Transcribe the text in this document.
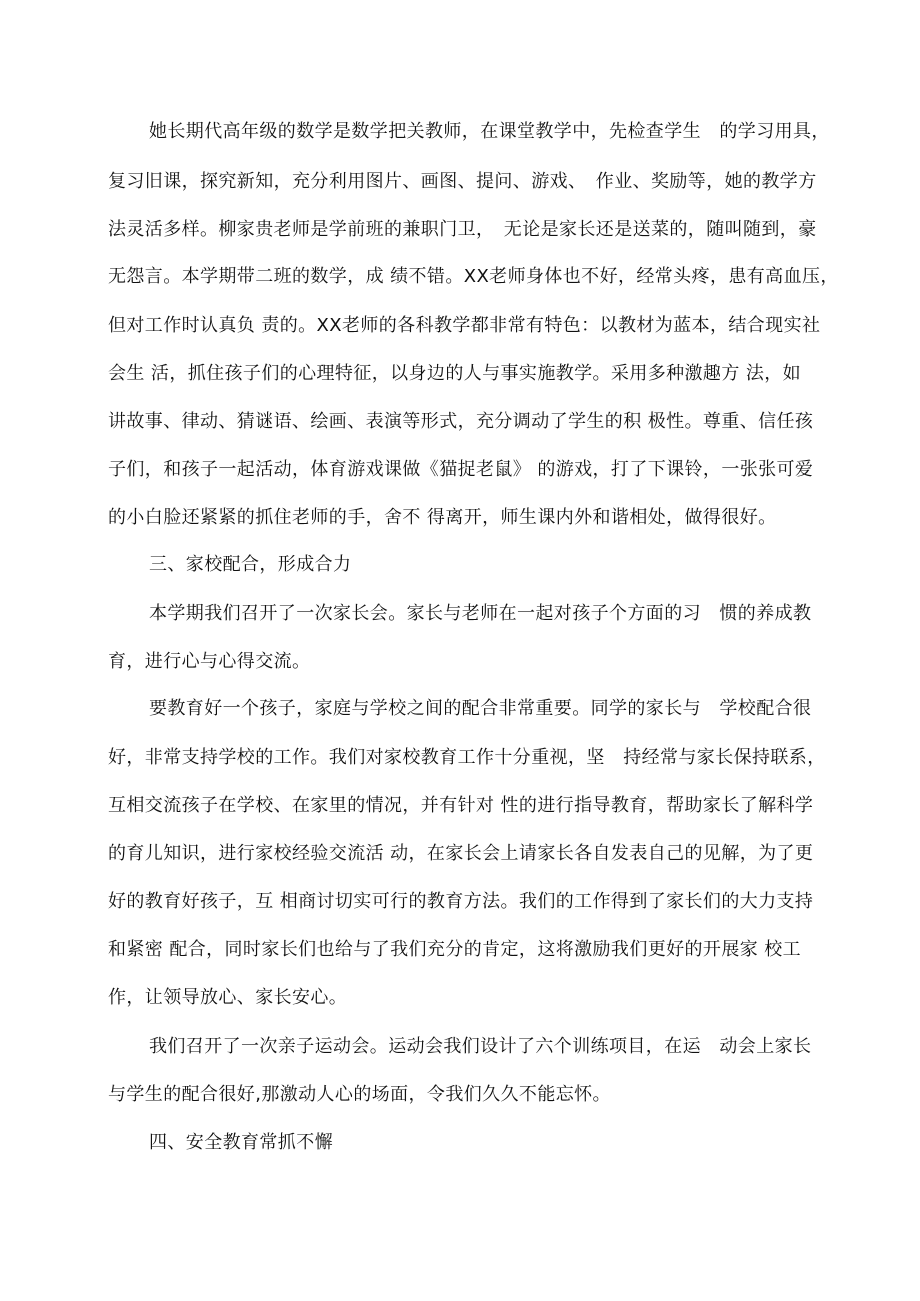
她长期代高年级的数学是数学把关教师，在课堂教学中，先检查学生　的学习用具，
复习旧课，探究新知，充分利用图片、画图、提问、游戏、　作业、奖励等，她的教学方
法灵活多样。柳家贵老师是学前班的兼职门卫，　无论是家长还是送菜的，随叫随到，豪
无怨言。本学期带二班的数学，成 绩不错。XX老师身体也不好，经常头疼，患有高血压，
但对工作时认真负 责的。XX老师的各科教学都非常有特色：以教材为蓝本，结合现实社
会生 活，抓住孩子们的心理特征，以身边的人与事实施教学。采用多种激趣方 法，如
讲故事、律动、猜谜语、绘画、表演等形式，充分调动了学生的积 极性。尊重、信任孩
子们，和孩子一起活动，体育游戏课做《猫捉老鼠》 的游戏，打了下课铃，一张张可爱
的小白脸还紧紧的抓住老师的手，舍不 得离开，师生课内外和谐相处，做得很好。
三、家校配合，形成合力
本学期我们召开了一次家长会。家长与老师在一起对孩子个方面的习　惯的养成教
育，进行心与心得交流。
要教育好一个孩子，家庭与学校之间的配合非常重要。同学的家长与　学校配合很
好，非常支持学校的工作。我们对家校教育工作十分重视，坚　持经常与家长保持联系，
互相交流孩子在学校、在家里的情况，并有针对 性的进行指导教育，帮助家长了解科学
的育儿知识，进行家校经验交流活 动，在家长会上请家长各自发表自己的见解，为了更
好的教育好孩子，互 相商讨切实可行的教育方法。我们的工作得到了家长们的大力支持
和紧密 配合，同时家长们也给与了我们充分的肯定，这将激励我们更好的开展家 校工
作，让领导放心、家长安心。
我们召开了一次亲子运动会。运动会我们设计了六个训练项目，在运　动会上家长
与学生的配合很好,那激动人心的场面，令我们久久不能忘怀。
四、安全教育常抓不懈
